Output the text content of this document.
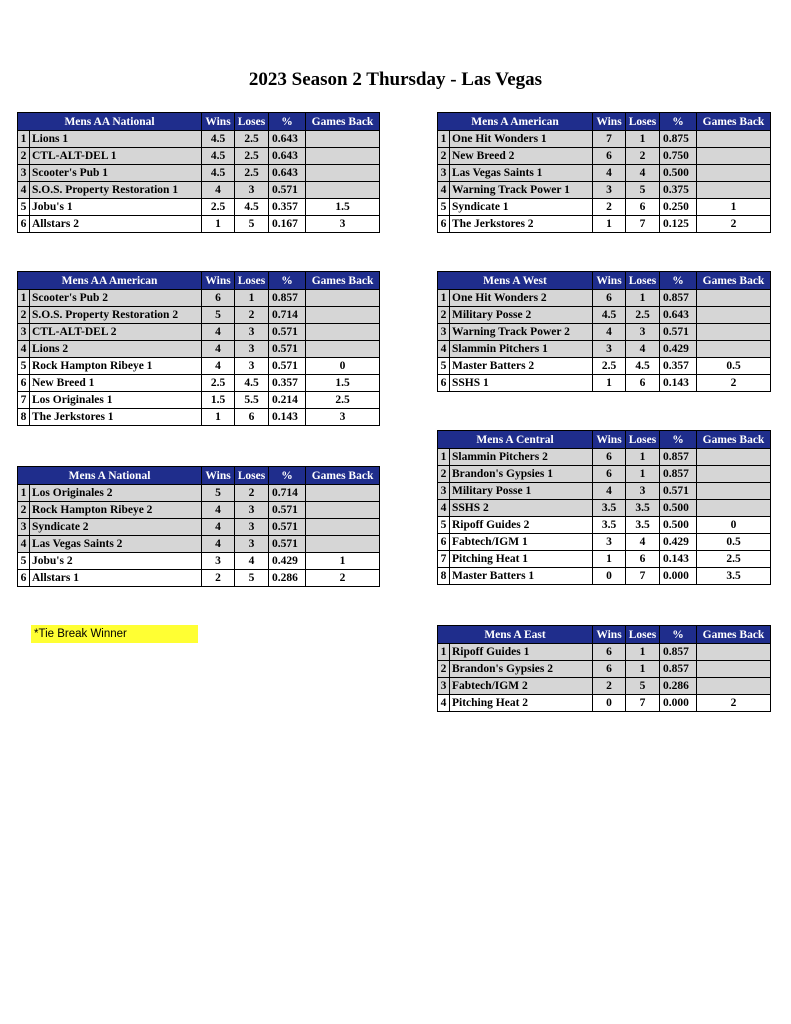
2023 Season 2 Thursday - Las Vegas
Mens AA National		Wins	Loses	%	Games Back
1	Lions 1	4.5	2.5	0.643	
2	CTL-ALT-DEL 1	4.5	2.5	0.643	
3	Scooter's Pub 1	4.5	2.5	0.643	
4	S.O.S. Property Restoration 1	4	3	0.571	
5	Jobu's 1	2.5	4.5	0.357	1.5
6	Allstars 2	1	5	0.167	3
Mens AA American		Wins	Loses	%	Games Back
1	Scooter's Pub 2	6	1	0.857	
2	S.O.S. Property Restoration 2	5	2	0.714	
3	CTL-ALT-DEL 2	4	3	0.571	
4	Lions 2	4	3	0.571	
5	Rock Hampton Ribeye 1	4	3	0.571	0
6	New Breed 1	2.5	4.5	0.357	1.5
7	Los Originales 1	1.5	5.5	0.214	2.5
8	The Jerkstores 1	1	6	0.143	3
Mens A National		Wins	Loses	%	Games Back
1	Los Originales 2	5	2	0.714	
2	Rock Hampton Ribeye 2	4	3	0.571	
3	Syndicate 2	4	3	0.571	
4	Las Vegas Saints 2	4	3	0.571	
5	Jobu's 2	3	4	0.429	1
6	Allstars 1	2	5	0.286	2
Mens A American		Wins	Loses	%	Games Back
1	One Hit Wonders 1	7	1	0.875	
2	New Breed 2	6	2	0.750	
3	Las Vegas Saints 1	4	4	0.500	
4	Warning Track Power 1	3	5	0.375	
5	Syndicate 1	2	6	0.250	1
6	The Jerkstores 2	1	7	0.125	2
Mens A West		Wins	Loses	%	Games Back
1	One Hit Wonders 2	6	1	0.857	
2	Military Posse 2	4.5	2.5	0.643	
3	Warning Track Power 2	4	3	0.571	
4	Slammin Pitchers 1	3	4	0.429	
5	Master Batters 2	2.5	4.5	0.357	0.5
6	SSHS 1	1	6	0.143	2
Mens A Central		Wins	Loses	%	Games Back
1	Slammin Pitchers 2	6	1	0.857	
2	Brandon's Gypsies 1	6	1	0.857	
3	Military Posse 1	4	3	0.571	
4	SSHS 2	3.5	3.5	0.500	
5	Ripoff Guides 2	3.5	3.5	0.500	0
6	Fabtech/IGM 1	3	4	0.429	0.5
7	Pitching Heat 1	1	6	0.143	2.5
8	Master Batters 1	0	7	0.000	3.5
Mens A East		Wins	Loses	%	Games Back
1	Ripoff Guides 1	6	1	0.857	
2	Brandon's Gypsies 2	6	1	0.857	
3	Fabtech/IGM 2	2	5	0.286	
4	Pitching Heat 2	0	7	0.000	2
*Tie Break Winner
